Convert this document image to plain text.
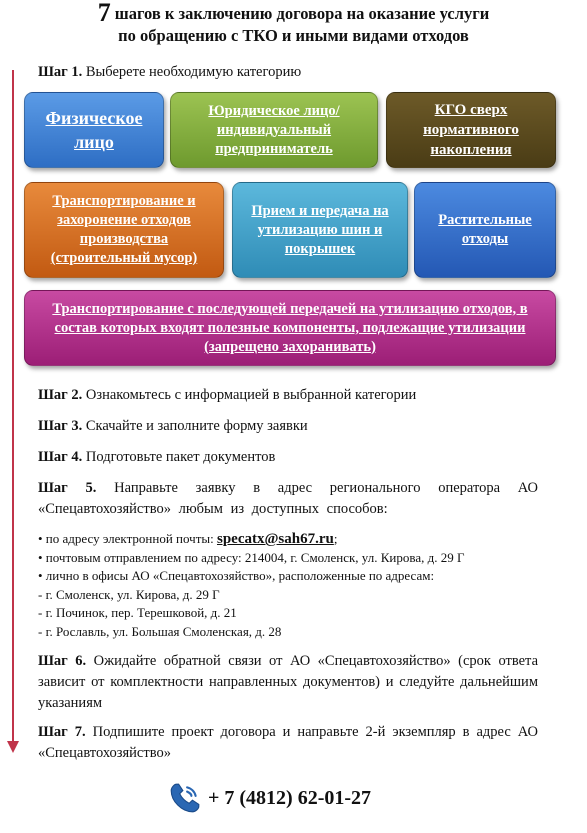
7 шагов к заключению договора на оказание услуги
по обращению с ТКО и иными видами отходов
Шаг 1. Выберете необходимую категорию
Физическое лицо
Юридическое лицо/индивидуальный предприниматель
КГО сверх нормативного накопления
Транспортирование и захоронение отходов производства (строительный мусор)
Прием и передача на утилизацию шин и покрышек
Растительные отходы
Транспортирование с последующей передачей на утилизацию отходов, в состав которых входят полезные компоненты, подлежащие утилизации (запрещено захоранивать)
Шаг 2. Ознакомьтесь с информацией в выбранной категории
Шаг 3. Скачайте и заполните форму заявки
Шаг 4. Подготовьте пакет документов
Шаг 5. Направьте заявку в адрес регионального оператора АО «Спецавтохозяйство» любым из доступных способов:
• по адресу электронной почты: specatx@sah67.ru;
• почтовым отправлением по адресу: 214004, г. Смоленск, ул. Кирова, д. 29 Г
• лично в офисы АО «Спецавтохозяйство», расположенные по адресам:
- г. Смоленск, ул. Кирова, д. 29 Г
- г. Починок, пер. Терешковой, д. 21
- г. Рославль, ул. Большая Смоленская, д. 28
Шаг 6. Ожидайте обратной связи от АО «Спецавтохозяйство» (срок ответа зависит от комплектности направленных документов) и следуйте дальнейшим указаниям
Шаг 7. Подпишите проект договора и направьте 2-й экземпляр в адрес АО «Спецавтохозяйство»
+ 7 (4812) 62-01-27
